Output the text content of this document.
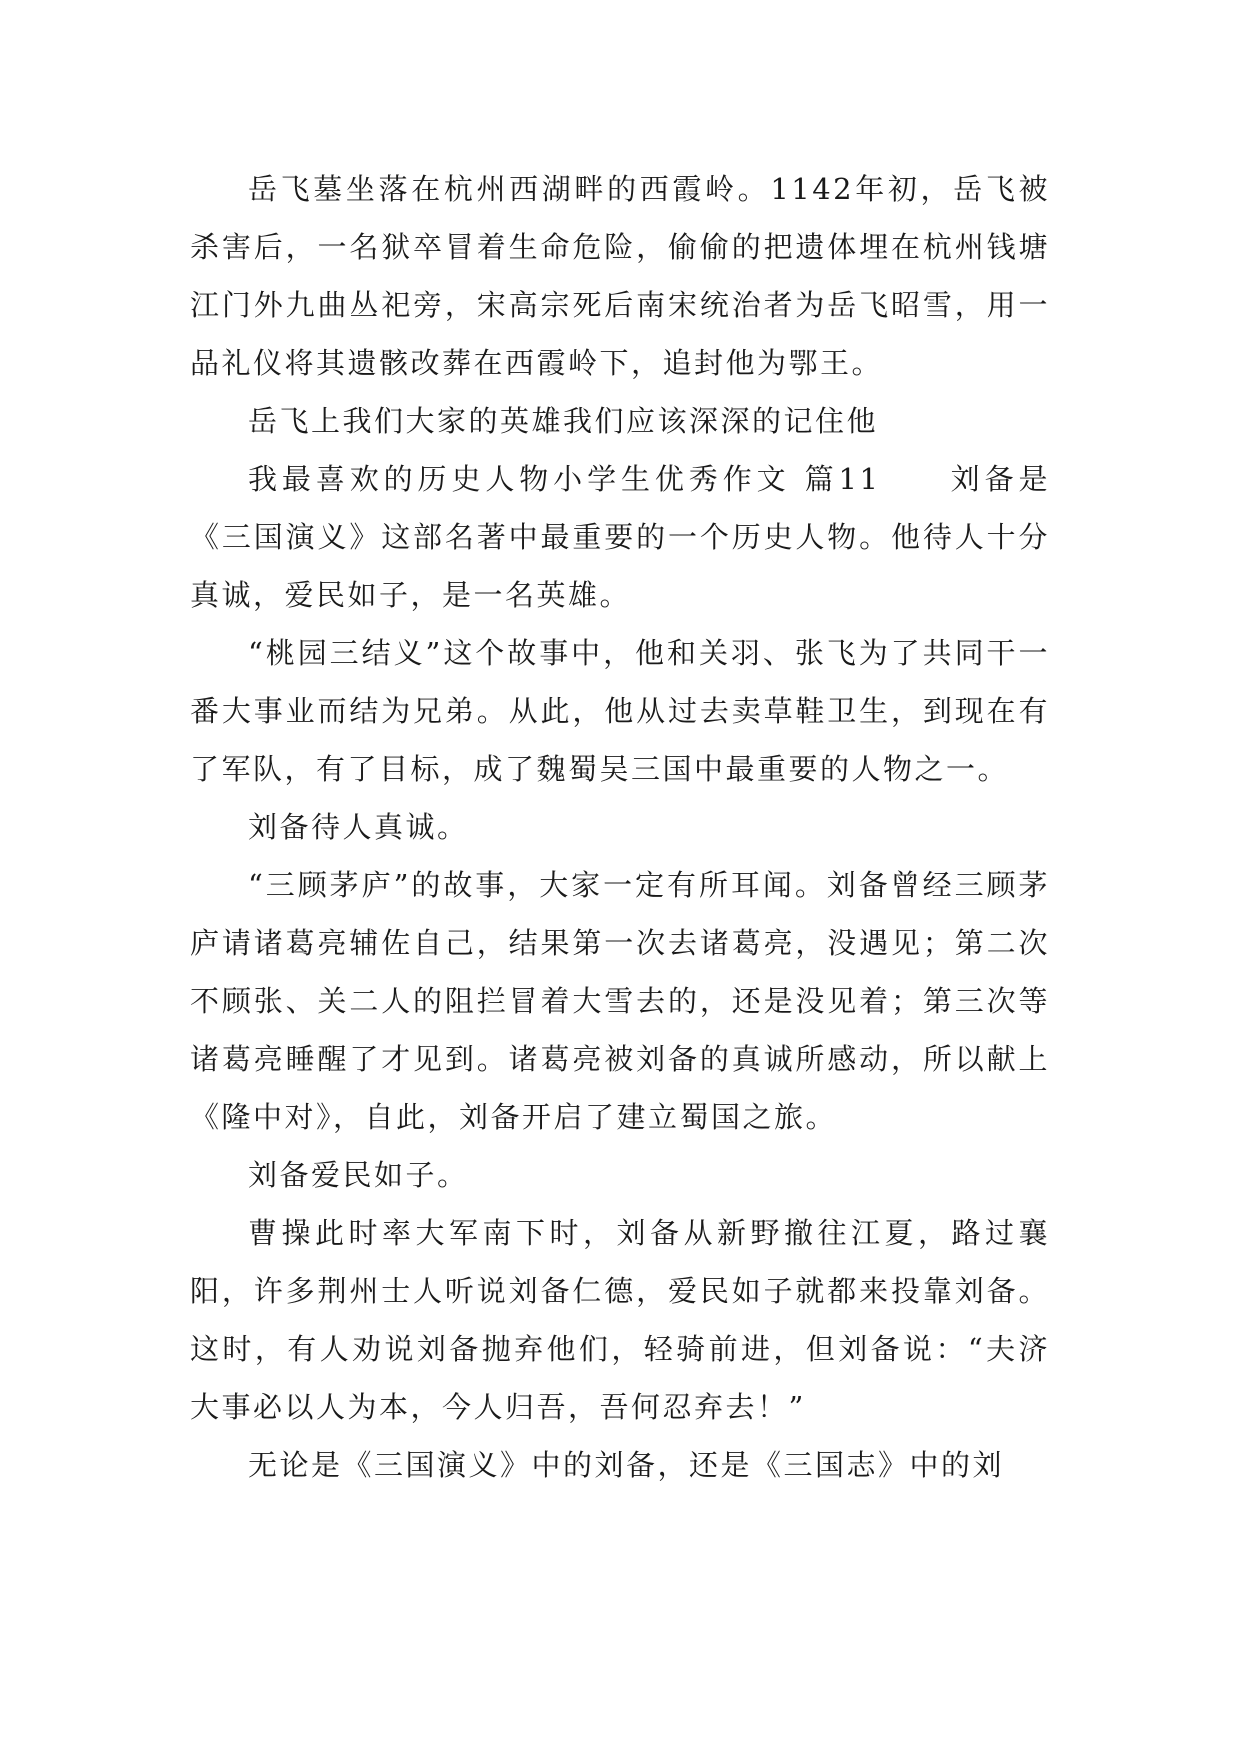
岳飞墓坐落在杭州西湖畔的西霞岭。1142年初，岳飞被杀害后，一名狱卒冒着生命危险，偷偷的把遗体埋在杭州钱塘江门外九曲丛祀旁，宋高宗死后南宋统治者为岳飞昭雪，用一品礼仪将其遗骸改葬在西霞岭下，追封他为鄂王。

岳飞上我们大家的英雄我们应该深深的记住他

我最喜欢的历史人物小学生优秀作文 篇11　　刘备是《三国演义》这部名著中最重要的一个历史人物。他待人十分真诚，爱民如子，是一名英雄。

“桃园三结义”这个故事中，他和关羽、张飞为了共同干一番大事业而结为兄弟。从此，他从过去卖草鞋卫生，到现在有了军队，有了目标，成了魏蜀吴三国中最重要的人物之一。

刘备待人真诚。

“三顾茅庐”的故事，大家一定有所耳闻。刘备曾经三顾茅庐请诸葛亮辅佐自己，结果第一次去诸葛亮，没遇见；第二次不顾张、关二人的阻拦冒着大雪去的，还是没见着；第三次等诸葛亮睡醒了才见到。诸葛亮被刘备的真诚所感动，所以献上《隆中对》，自此，刘备开启了建立蜀国之旅。

刘备爱民如子。

曹操此时率大军南下时，刘备从新野撤往江夏，路过襄阳，许多荆州士人听说刘备仁德，爱民如子就都来投靠刘备。这时，有人劝说刘备抛弃他们，轻骑前进，但刘备说：“夫济大事必以人为本，今人归吾，吾何忍弃去！”

无论是《三国演义》中的刘备，还是《三国志》中的刘
